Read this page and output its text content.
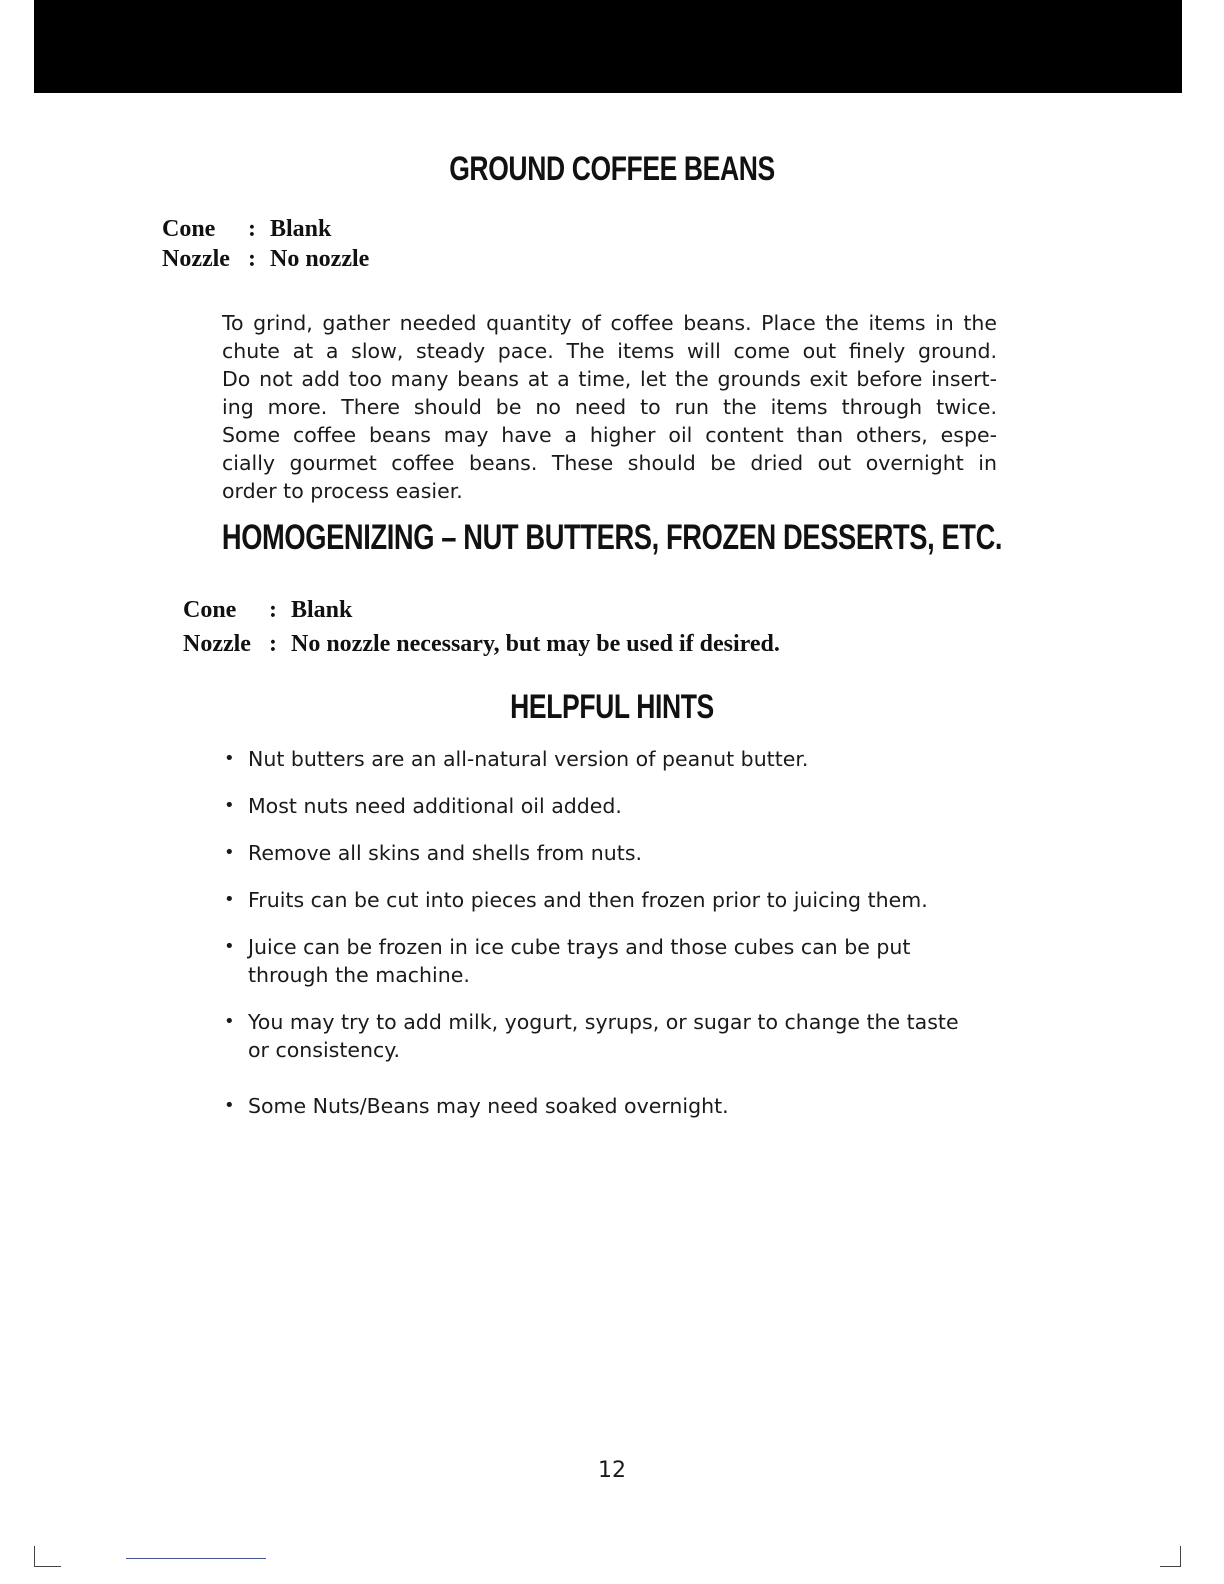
GROUND COFFEE BEANS
Cone : Blank
Nozzle : No nozzle
To grind, gather needed quantity of coffee beans. Place the items in the
chute at a slow, steady pace. The items will come out finely ground.
Do not add too many beans at a time, let the grounds exit before insert-
ing more. There should be no need to run the items through twice.
Some coffee beans may have a higher oil content than others, espe-
cially gourmet coffee beans. These should be dried out overnight in
order to process easier.
HOMOGENIZING – NUT BUTTERS, FROZEN DESSERTS, ETC.
Cone : Blank
Nozzle : No nozzle necessary, but may be used if desired.
HELPFUL HINTS
• Nut butters are an all-natural version of peanut butter.
• Most nuts need additional oil added.
• Remove all skins and shells from nuts.
• Fruits can be cut into pieces and then frozen prior to juicing them.
• Juice can be frozen in ice cube trays and those cubes can be put through the machine.
• You may try to add milk, yogurt, syrups, or sugar to change the taste or consistency.
• Some Nuts/Beans may need soaked overnight.
12
